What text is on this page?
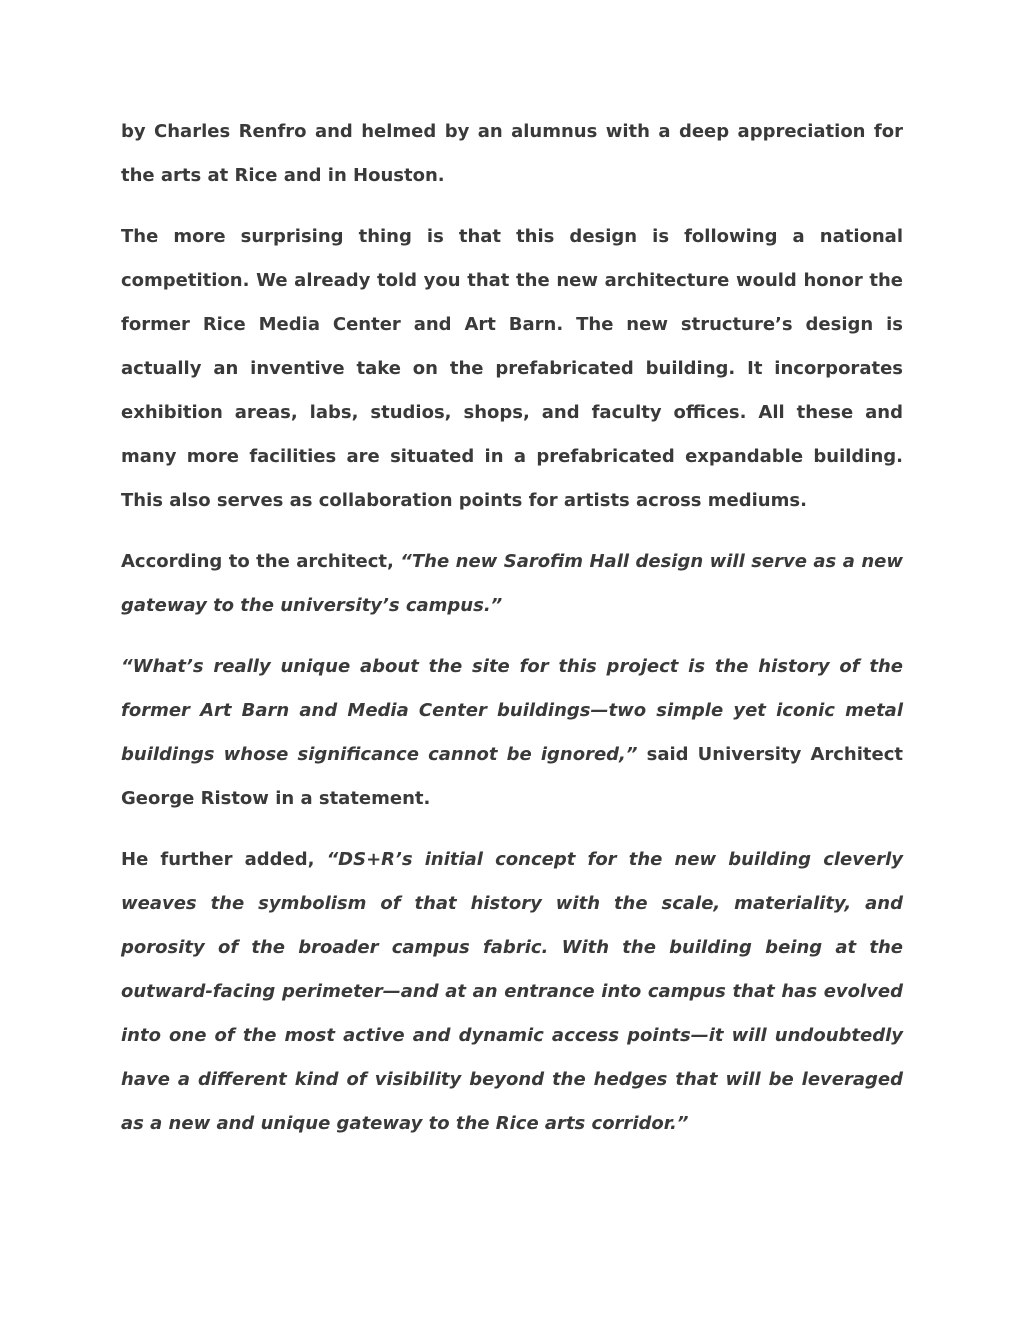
by Charles Renfro and helmed by an alumnus with a deep appreciation for the arts at Rice and in Houston.

The more surprising thing is that this design is following a national competition. We already told you that the new architecture would honor the former Rice Media Center and Art Barn. The new structure’s design is actually an inventive take on the prefabricated building. It incorporates exhibition areas, labs, studios, shops, and faculty offices. All these and many more facilities are situated in a prefabricated expandable building. This also serves as collaboration points for artists across mediums.

According to the architect, “The new Sarofim Hall design will serve as a new gateway to the university’s campus.”

“What’s really unique about the site for this project is the history of the former Art Barn and Media Center buildings—two simple yet iconic metal buildings whose significance cannot be ignored,” said University Architect George Ristow in a statement.

He further added, “DS+R’s initial concept for the new building cleverly weaves the symbolism of that history with the scale, materiality, and porosity of the broader campus fabric. With the building being at the outward-facing perimeter—and at an entrance into campus that has evolved into one of the most active and dynamic access points—it will undoubtedly have a different kind of visibility beyond the hedges that will be leveraged as a new and unique gateway to the Rice arts corridor.”
